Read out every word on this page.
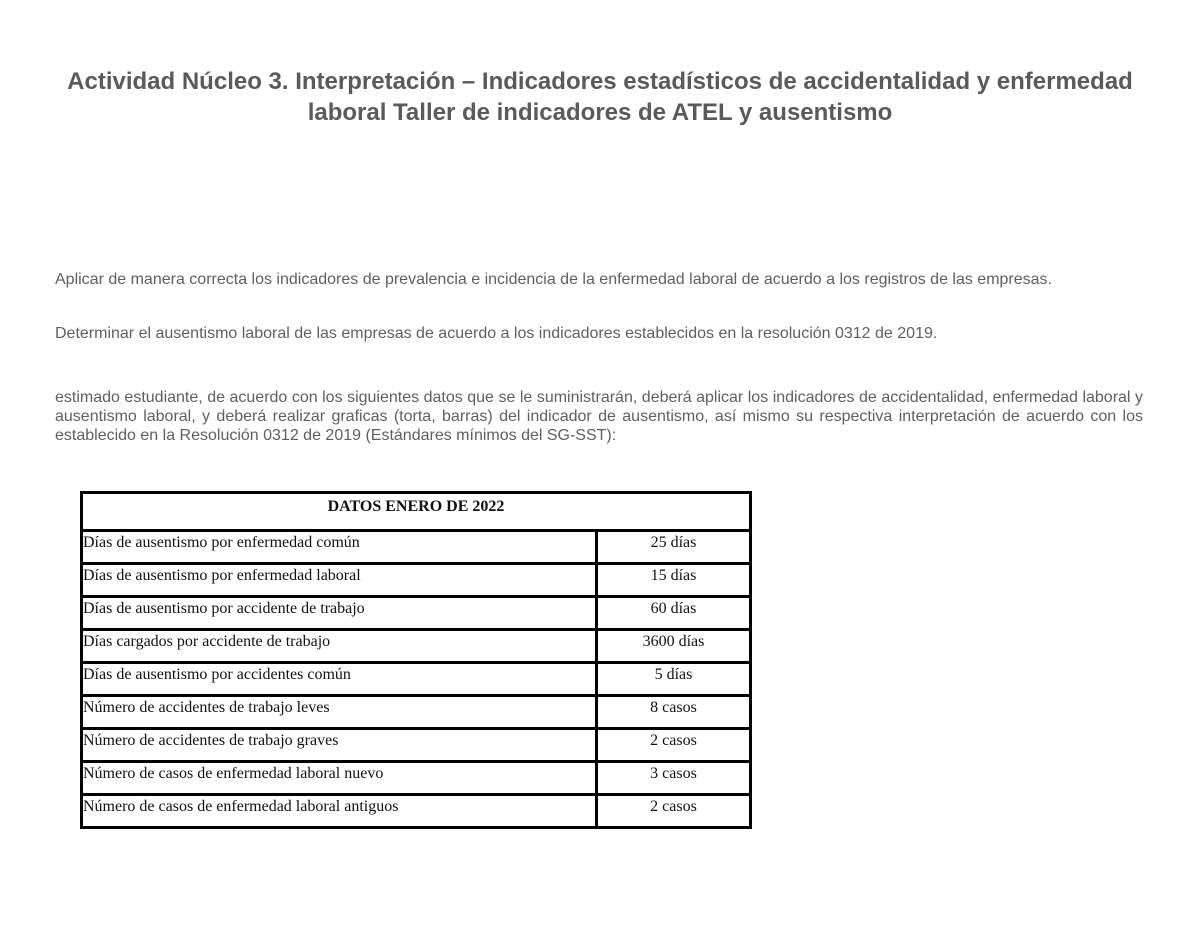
Actividad Núcleo 3. Interpretación – Indicadores estadísticos de accidentalidad y enfermedad laboral Taller de indicadores de ATEL y ausentismo

Aplicar de manera correcta los indicadores de prevalencia e incidencia de la enfermedad laboral de acuerdo a los registros de las empresas.

Determinar el ausentismo laboral de las empresas de acuerdo a los indicadores establecidos en la resolución 0312 de 2019.

estimado estudiante, de acuerdo con los siguientes datos que se le suministrarán, deberá aplicar los indicadores de accidentalidad, enfermedad laboral y ausentismo laboral, y deberá realizar graficas (torta, barras) del indicador de ausentismo, así mismo su respectiva interpretación de acuerdo con los establecido en la Resolución 0312 de 2019 (Estándares mínimos del SG-SST):

DATOS ENERO DE 2022	
Días de ausentismo por enfermedad común	25 días
Días de ausentismo por enfermedad laboral	15 días
Días de ausentismo por accidente de trabajo	60 días
Días cargados por accidente de trabajo	3600 días
Días de ausentismo por accidentes común	5 días
Número de accidentes de trabajo leves	8 casos
Número de accidentes de trabajo graves	2 casos
Número de casos de enfermedad laboral nuevo	3 casos
Número de casos de enfermedad laboral antiguos	2 casos
